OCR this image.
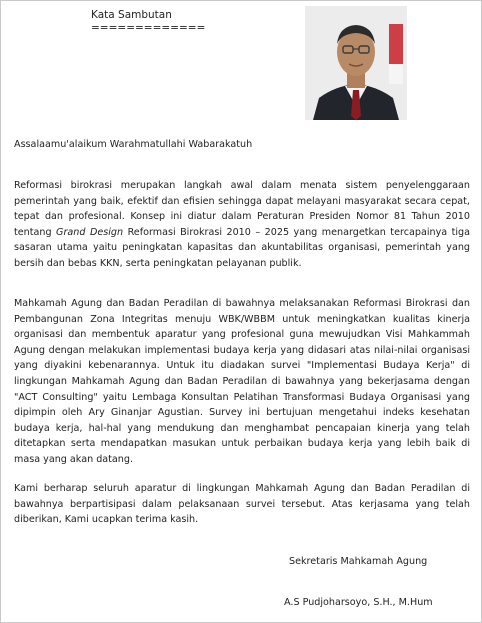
Kata Sambutan
=============
Assalaamu'alaikum Warahmatullahi Wabarakatuh
Reformasi birokrasi merupakan langkah awal dalam menata sistem penyelenggaraan pemerintah yang baik, efektif dan efisien sehingga dapat melayani masyarakat secara cepat, tepat dan profesional. Konsep ini diatur dalam Peraturan Presiden Nomor 81 Tahun 2010 tentang Grand Design Reformasi Birokrasi 2010 – 2025 yang menargetkan tercapainya tiga sasaran utama yaitu peningkatan kapasitas dan akuntabilitas organisasi, pemerintah yang bersih dan bebas KKN, serta peningkatan pelayanan publik.
Mahkamah Agung dan Badan Peradilan di bawahnya melaksanakan Reformasi Birokrasi dan Pembangunan Zona Integritas menuju WBK/WBBM untuk meningkatkan kualitas kinerja organisasi dan membentuk aparatur yang profesional guna mewujudkan Visi Mahkammah Agung dengan melakukan implementasi budaya kerja yang didasari atas nilai-nilai organisasi yang diyakini kebenarannya. Untuk itu diadakan survei "Implementasi Budaya Kerja" di lingkungan Mahkamah Agung dan Badan Peradilan di bawahnya yang bekerjasama dengan "ACT Consulting" yaitu Lembaga Konsultan Pelatihan Transformasi Budaya Organisasi yang dipimpin oleh Ary Ginanjar Agustian. Survey ini bertujuan mengetahui indeks kesehatan budaya kerja, hal-hal yang mendukung dan menghambat pencapaian kinerja yang telah ditetapkan serta mendapatkan masukan untuk perbaikan budaya kerja yang lebih baik di masa yang akan datang.
Kami berharap seluruh aparatur di lingkungan Mahkamah Agung dan Badan Peradilan di bawahnya berpartisipasi dalam pelaksanaan survei tersebut. Atas kerjasama yang telah diberikan, Kami ucapkan terima kasih.
Sekretaris Mahkamah Agung
A.S Pudjoharsoyo, S.H., M.Hum
